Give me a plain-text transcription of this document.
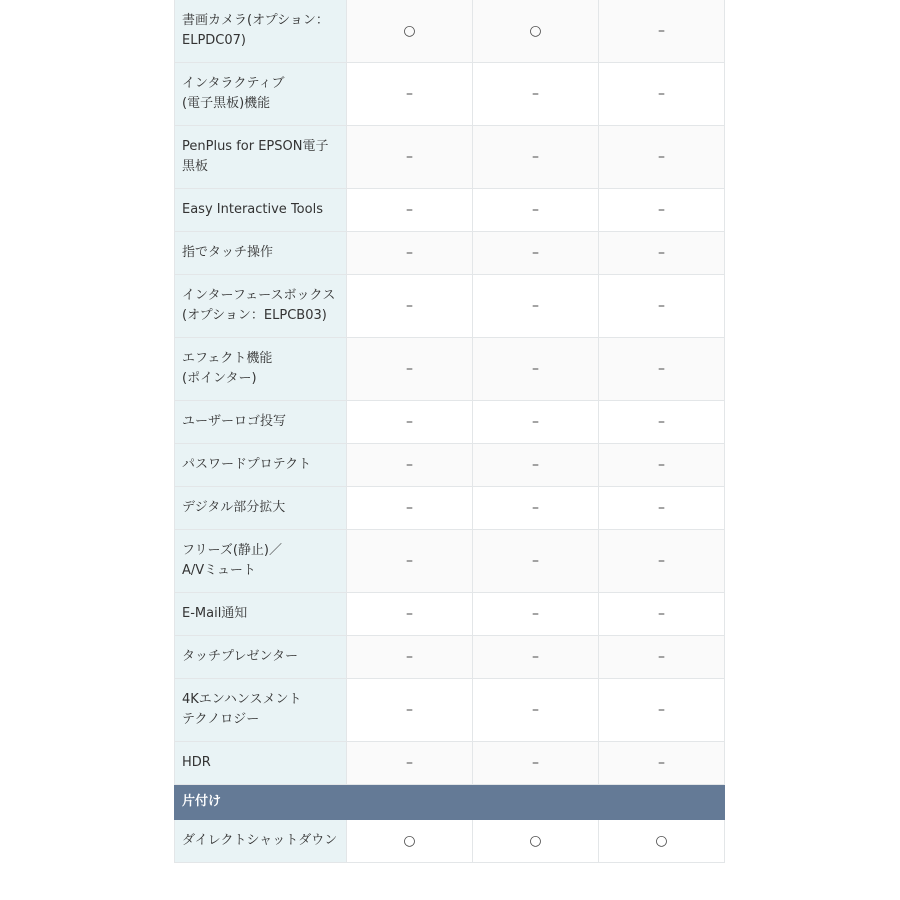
書画カメラ(オプション：
ELPDC07)	○	○	–
インタラクティブ
(電子黒板)機能	–	–	–
PenPlus for EPSON電子
黒板	–	–	–
Easy Interactive Tools	–	–	–
指でタッチ操作	–	–	–
インターフェースボックス
(オプション：ELPCB03)	–	–	–
エフェクト機能
(ポインター)	–	–	–
ユーザーロゴ投写	–	–	–
パスワードプロテクト	–	–	–
デジタル部分拡大	–	–	–
フリーズ(静止)／
A/Vミュート	–	–	–
E-Mail通知	–	–	–
タッチプレゼンター	–	–	–
4Kエンハンスメント
テクノロジー	–	–	–
HDR	–	–	–
片付け			
ダイレクトシャットダウン	○	○	○
